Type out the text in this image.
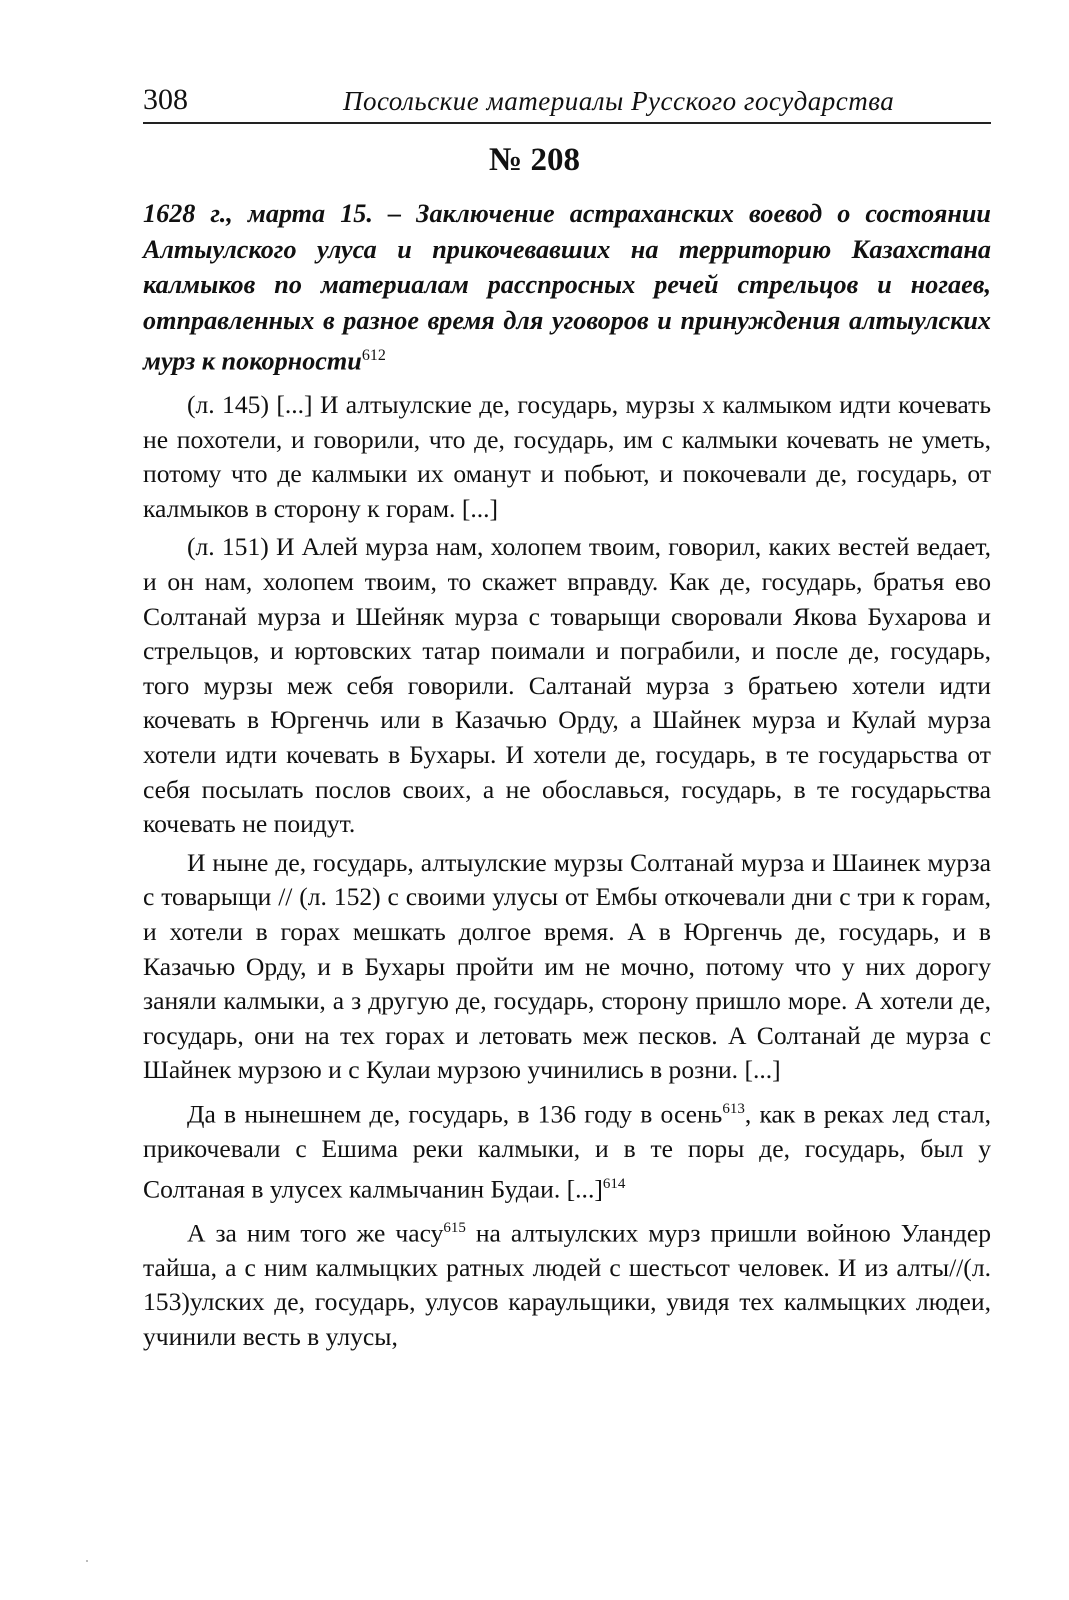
308	Посольские материалы Русского государства
№ 208
1628 г., марта 15. – Заключение астраханских воевод о состоянии Алтыулского улуса и прикочевавших на территорию Казахстана калмыков по материалам расспросных речей стрельцов и ногаев, отправленных в разное время для уговоров и принуждения алтыулских мурз к покорности$^{612}$

(л. 145) [...] И алтыулские де, государь, мурзы х калмыком идти кочевать не похотели, и говорили, что де, государь, им с калмыки кочевать не уметь, потому что де калмыки их оманут и побьют, и покочевали де, государь, от калмыков в сторону к горам. [...]

(л. 151) И Алей мурза нам, холопем твоим, говорил, каких вестей ведает, и он нам, холопем твоим, то скажет вправду. Как де, государь, братья ево Солтанай мурза и Шейняк мурза с товарыщи своровали Якова Бухарова и стрельцов, и юртовских татар поимали и пограбили, и после де, государь, того мурзы меж себя говорили. Салтанай мурза з братьею хотели идти кочевать в Юргенчь или в Казачью Орду, а Шайнек мурза и Кулай мурза хотели идти кочевать в Бухары. И хотели де, государь, в те государьства от себя посылать послов своих, а не обославься, государь, в те государьства кочевать не поидут.

И ныне де, государь, алтыулские мурзы Солтанай мурза и Шаинек мурза с товарыщи // (л. 152) с своими улусы от Ембы откочевали дни с три к горам, и хотели в горах мешкать долгое время. А в Юргенчь де, государь, и в Казачью Орду, и в Бухары пройти им не мочно, потому что у них дорогу заняли калмыки, а з другую де, государь, сторону пришло море. А хотели де, государь, они на тех горах и летовать меж песков. А Солтанай де мурза с Шайнек мурзою и с Кулаи мурзою учинились в розни. [...]

Да в нынешнем де, государь, в 136 году в осень$^{613}$, как в реках лед стал, прикочевали с Ешима реки калмыки, и в те поры де, государь, был у Солтаная в улусех калмычанин Будаи. [...]$^{614}$

А за ним того же часу$^{615}$ на алтыулских мурз пришли войною Уландер тайша, а с ним калмыцких ратных людей с шестьсот человек. И из алты//(л. 153)улских де, государь, улусов караульщики, увидя тех калмыцких людеи, учинили весть в улусы,
